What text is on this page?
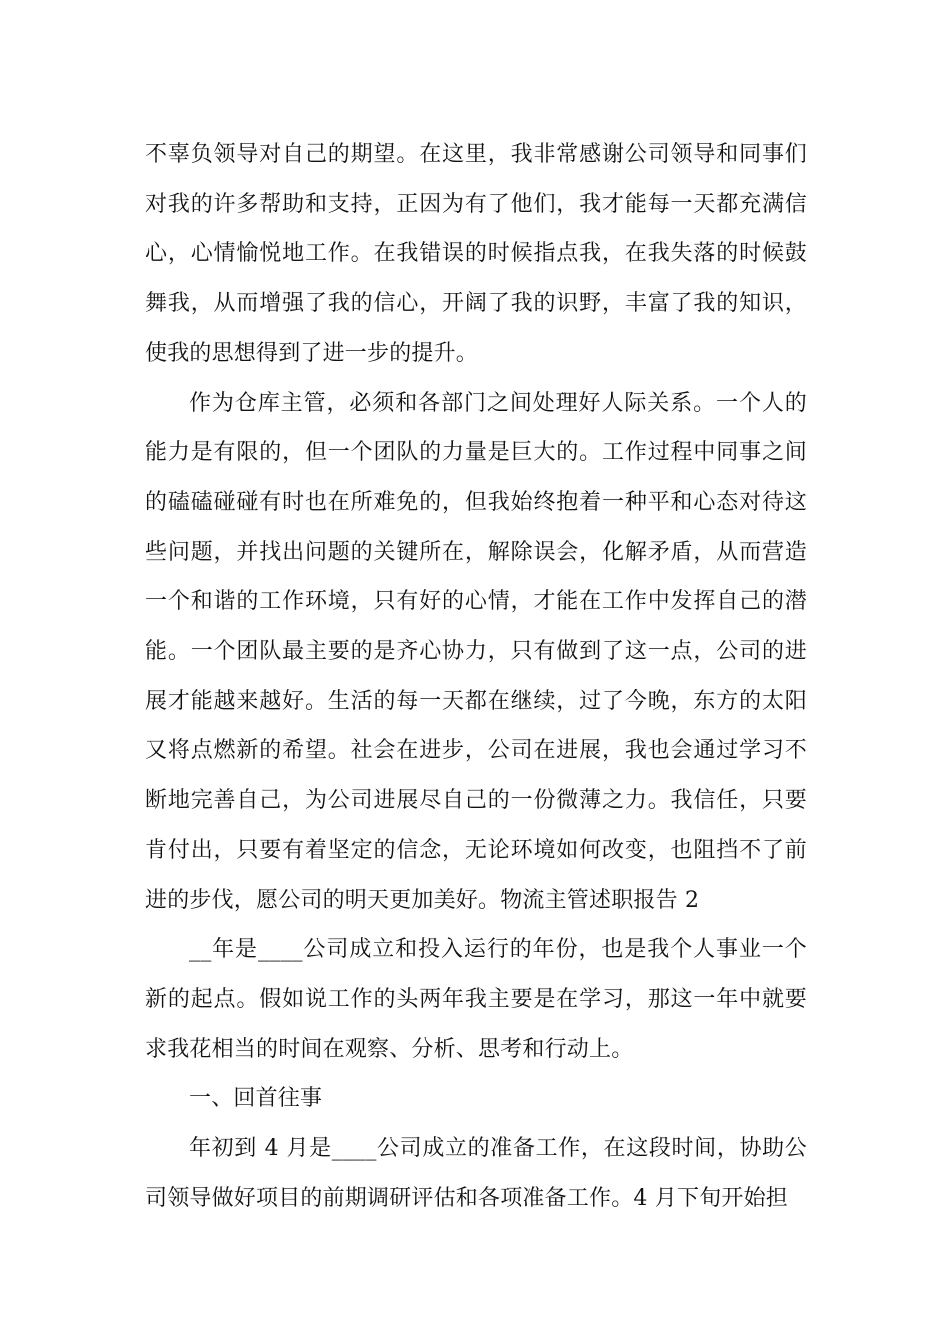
不辜负领导对自己的期望。在这里，我非常感谢公司领导和同事们对我的许多帮助和支持，正因为有了他们，我才能每一天都充满信心，心情愉悦地工作。在我错误的时候指点我，在我失落的时候鼓舞我，从而增强了我的信心，开阔了我的识野，丰富了我的知识，使我的思想得到了进一步的提升。

作为仓库主管，必须和各部门之间处理好人际关系。一个人的能力是有限的，但一个团队的力量是巨大的。工作过程中同事之间的磕磕碰碰有时也在所难免的，但我始终抱着一种平和心态对待这些问题，并找出问题的关键所在，解除误会，化解矛盾，从而营造一个和谐的工作环境，只有好的心情，才能在工作中发挥自己的潜能。一个团队最主要的是齐心协力，只有做到了这一点，公司的进展才能越来越好。生活的每一天都在继续，过了今晚，东方的太阳又将点燃新的希望。社会在进步，公司在进展，我也会通过学习不断地完善自己，为公司进展尽自己的一份微薄之力。我信任，只要肯付出，只要有着坚定的信念，无论环境如何改变，也阻挡不了前进的步伐，愿公司的明天更加美好。物流主管述职报告 2

__年是____公司成立和投入运行的年份，也是我个人事业一个新的起点。假如说工作的头两年我主要是在学习，那这一年中就要求我花相当的时间在观察、分析、思考和行动上。

一、回首往事

年初到 4 月是____公司成立的准备工作，在这段时间，协助公司领导做好项目的前期调研评估和各项准备工作。4 月下旬开始担
